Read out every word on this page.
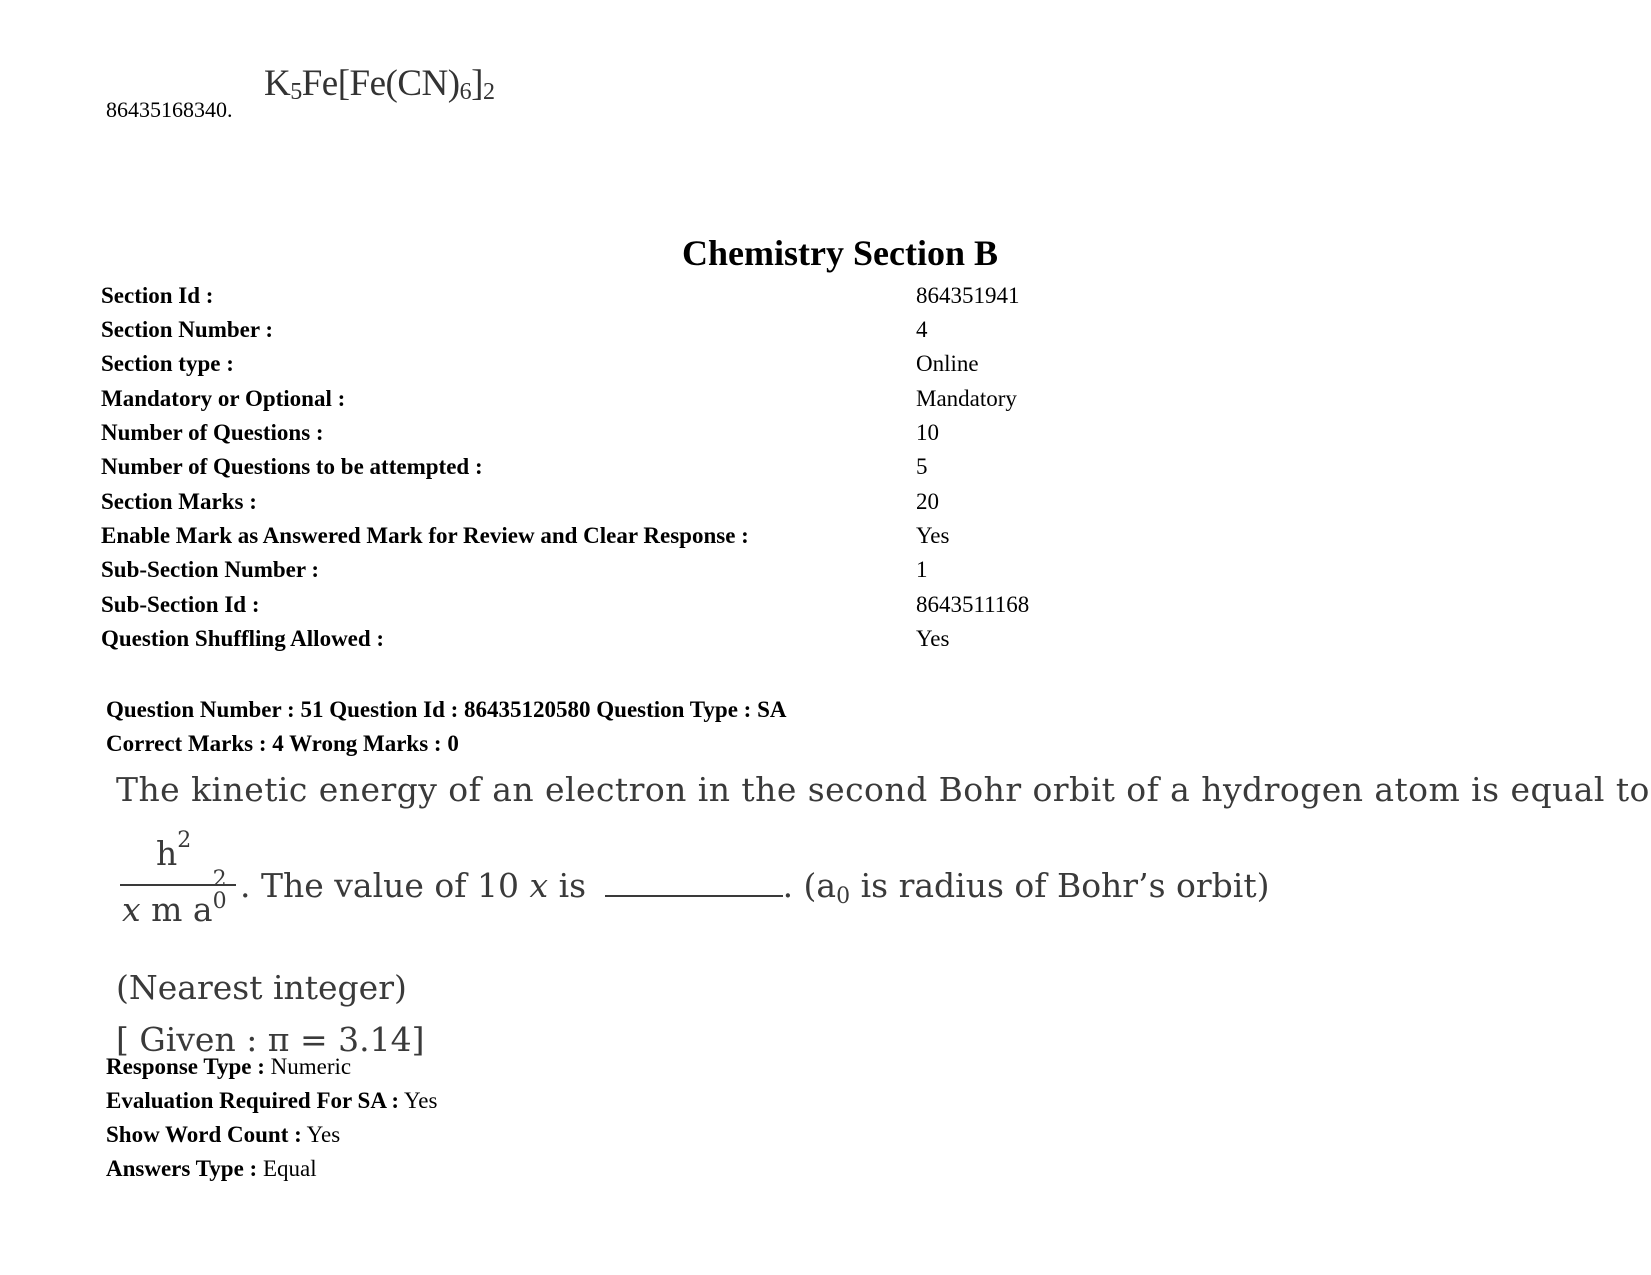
86435168340.
$K_5Fe[Fe(CN)_6]_2$
Chemistry Section B
Section Id :	864351941
Section Number :	4
Section type :	Online
Mandatory or Optional :	Mandatory
Number of Questions :	10
Number of Questions to be attempted :	5
Section Marks :	20
Enable Mark as Answered Mark for Review and Clear Response :	Yes
Sub-Section Number :	1
Sub-Section Id :	8643511168
Question Shuffling Allowed :	Yes
Question Number : 51 Question Id : 86435120580 Question Type : SA
Correct Marks : 4 Wrong Marks : 0
The kinetic energy of an electron in the second Bohr orbit of a hydrogen atom is equal to
$h^2$
x m a
2
0 . The value of 10 x is	. ($a_0$ is radius of Bohr’s orbit)
(Nearest integer)
[ Given : π = 3.14]
Response Type : Numeric
Evaluation Required For SA : Yes
Show Word Count : Yes
Answers Type : Equal
